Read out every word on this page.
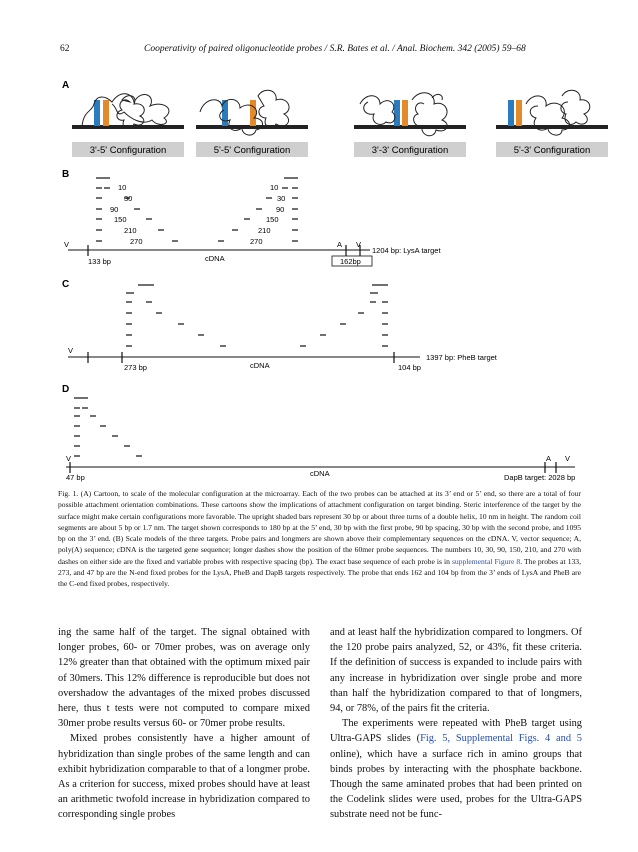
62	Cooperativity of paired oligonucleotide probes / S.R. Bates et al. / Anal. Biochem. 342 (2005) 59–68
A
B
C
D
3'-5' Configuration	5'-5' Configuration	3'-3' Configuration	5'-3' Configuration
10
30
90
150
210
270
10
30
90
150
210
270
V	A V
cDNA
133 bp	162bp
1204 bp: LysA target
V
cDNA
273 bp	104 bp
1397 bp: PheB target
V
cDNA
47 bp
A V
DapB target: 2028 bp
Fig. 1. (A) Cartoon, to scale of the molecular configuration at the microarray. Each of the two probes can be attached at its 3’ end or 5’ end, so there are a total of four possible attachment orientation combinations. These cartoons show the implications of attachment configuration on target binding. Steric interference of the target by the surface might make certain configurations more favorable. The upright shaded bars represent 30 bp or about three turns of a double helix, 10 nm in height. The random coil segments are about 5 bp or 1.7 nm. The target shown corresponds to 180 bp at the 5’ end, 30 bp with the first probe, 90 bp spacing, 30 bp with the second probe, and 1095 bp on the 3’ end. (B) Scale models of the three targets. Probe pairs and longmers are shown above their complementary sequences on the cDNA. V, vector sequence; A, poly(A) sequence; cDNA is the targeted gene sequence; longer dashes show the position of the 60mer probe sequences. The numbers 10, 30, 90, 150, 210, and 270 with dashes on either side are the fixed and variable probes with respective spacing (bp). The exact base sequence of each probe is in supplemental Figure 8. The probes at 133, 273, and 47 bp are the N-end fixed probes for the LysA, PheB and DapB targets respectively. The probe that ends 162 and 104 bp from the 3’ ends of LysA and PheB are the C-end fixed probes, respectively.

ing the same half of the target. The signal obtained with longer probes, 60- or 70mer probes, was on average only 12% greater than that obtained with the optimum mixed pair of 30mers. This 12% difference is reproducible but does not overshadow the advantages of the mixed probes discussed here, thus t tests were not computed to compare mixed 30mer probe results versus 60- or 70mer probe results.

Mixed probes consistently have a higher amount of hybridization than single probes of the same length and can exhibit hybridization comparable to that of a longmer probe. As a criterion for success, mixed probes should have at least an arithmetic twofold increase in hybridization compared to corresponding single probes

and at least half the hybridization compared to longmers. Of the 120 probe pairs analyzed, 52, or 43%, fit these criteria. If the definition of success is expanded to include pairs with any increase in hybridization over single probe and more than half the hybridization compared to that of longmers, 94, or 78%, of the pairs fit the criteria.

The experiments were repeated with PheB target using Ultra-GAPS slides (Fig. 5, Supplemental Figs. 4 and 5 online), which have a surface rich in amino groups that binds probes by interacting with the phosphate backbone. Though the same aminated probes that had been printed on the Codelink slides were used, probes for the Ultra-GAPS substrate need not be func-
